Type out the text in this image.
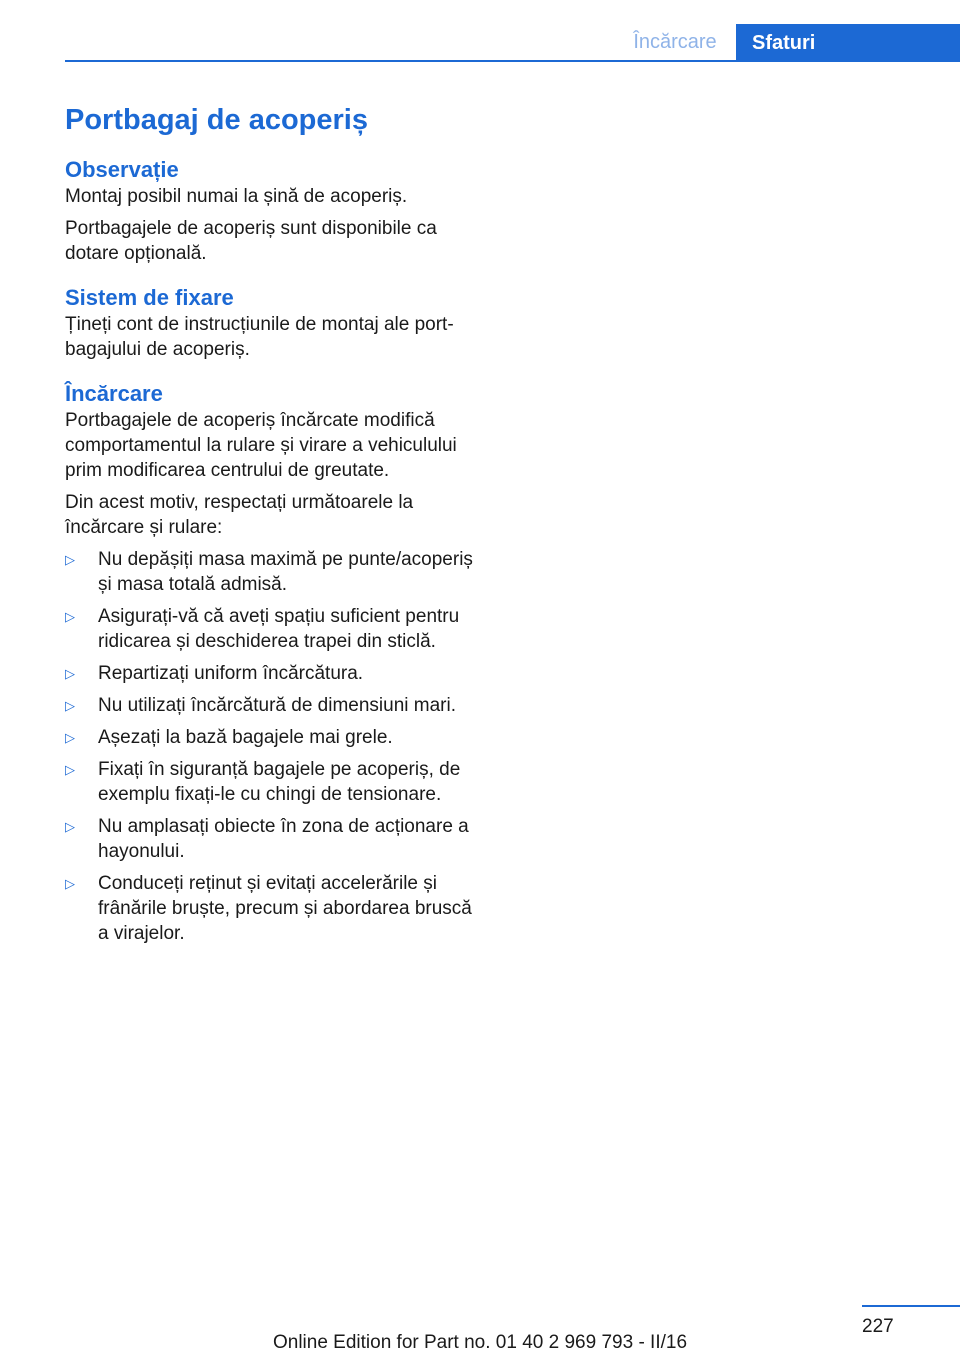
Încărcare	Sfaturi
Portbagaj de acoperiș
Observație

Montaj posibil numai la șină de acoperiș.

Portbagajele de acoperiș sunt disponibile ca dotare opțională.

Sistem de fixare

Țineți cont de instrucțiunile de montaj ale portbagajului de acoperiș.

Încărcare

Portbagajele de acoperiș încărcate modifică comportamentul la rulare și virare a vehiculului prim modificarea centrului de greutate.

Din acest motiv, respectați următoarele la încărcare și rulare:

▷ Nu depășiți masa maximă pe punte/acoperiș și masa totală admisă.
▷ Asigurați-vă că aveți spațiu suficient pentru ridicarea și deschiderea trapei din sticlă.
▷ Repartizați uniform încărcătura.
▷ Nu utilizați încărcătură de dimensiuni mari.
▷ Așezați la bază bagajele mai grele.
▷ Fixați în siguranță bagajele pe acoperiș, de exemplu fixați-le cu chingi de tensionare.
▷ Nu amplasați obiecte în zona de acționare a hayonului.
▷ Conduceți reținut și evitați accelerările și frânările bruște, precum și abordarea bruscă a virajelor.
227
Online Edition for Part no. 01 40 2 969 793 - II/16
